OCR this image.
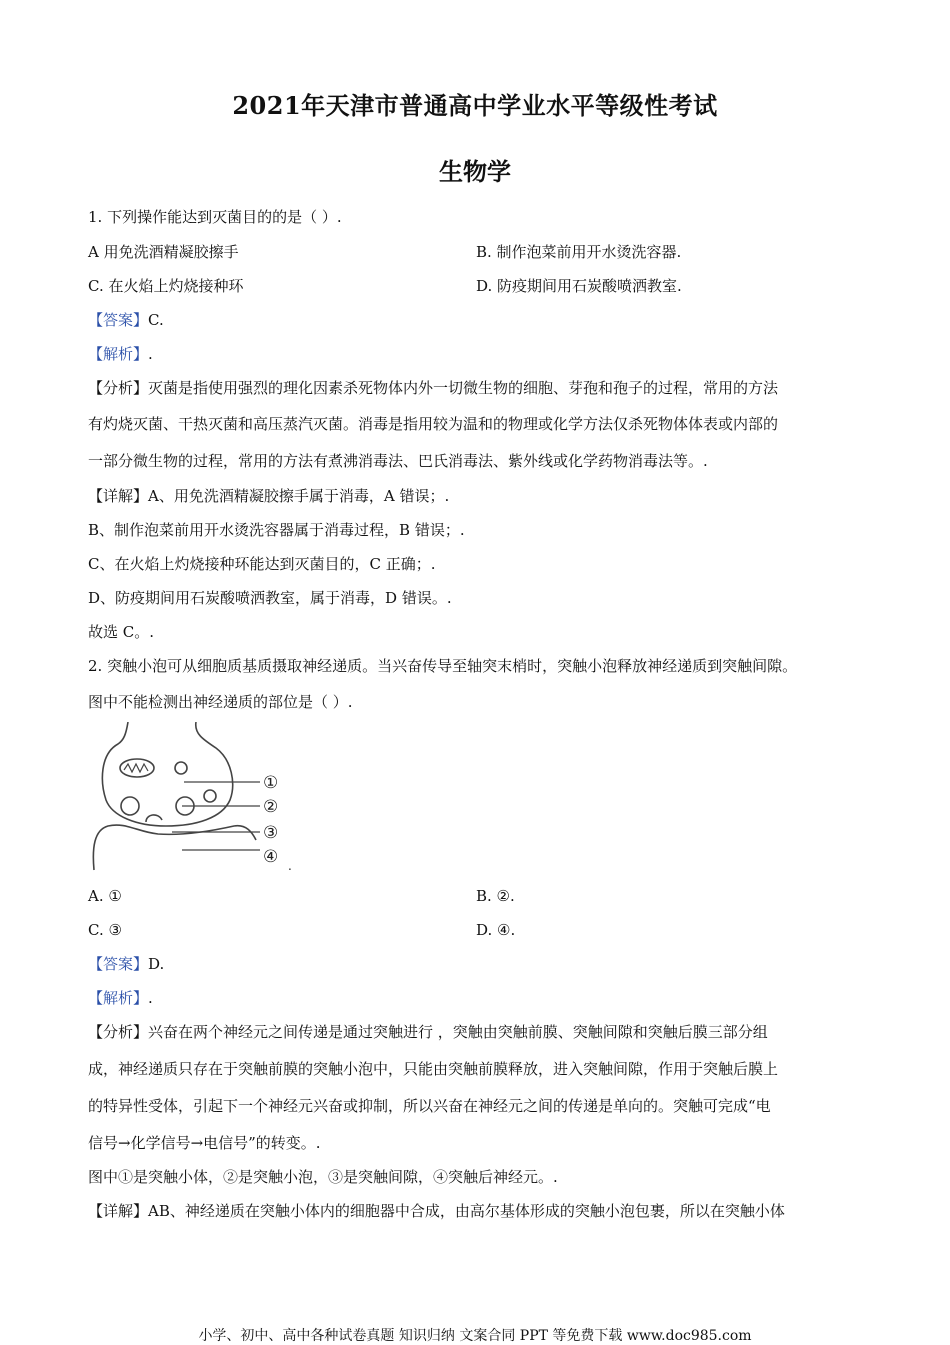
2021年天津市普通高中学业水平等级性考试
生物学
1. 下列操作能达到灭菌目的的是（ ）.
A 用免洗酒精凝胶擦手	B. 制作泡菜前用开水烫洗容器.
C. 在火焰上灼烧接种环	D. 防疫期间用石炭酸喷洒教室.
【答案】C.
【解析】.
【分析】灭菌是指使用强烈的理化因素杀死物体内外一切微生物的细胞、芽孢和孢子的过程，常用的方法
有灼烧灭菌、干热灭菌和高压蒸汽灭菌。消毒是指用较为温和的物理或化学方法仅杀死物体体表或内部的
一部分微生物的过程，常用的方法有煮沸消毒法、巴氏消毒法、紫外线或化学药物消毒法等。.
【详解】A、用免洗酒精凝胶擦手属于消毒，A 错误；.
B、制作泡菜前用开水烫洗容器属于消毒过程，B 错误；.
C、在火焰上灼烧接种环能达到灭菌目的，C 正确；.
D、防疫期间用石炭酸喷洒教室，属于消毒，D 错误。.
故选 C。.
2. 突触小泡可从细胞质基质摄取神经递质。当兴奋传导至轴突末梢时，突触小泡释放神经递质到突触间隙。
图中不能检测出神经递质的部位是（ ）.
①
②
③
④ .
A. ①	B. ②.
C. ③	D. ④.
【答案】D.
【解析】.
【分析】兴奋在两个神经元之间传递是通过突触进行 ，突触由突触前膜、突触间隙和突触后膜三部分组
成，神经递质只存在于突触前膜的突触小泡中，只能由突触前膜释放，进入突触间隙，作用于突触后膜上
的特异性受体，引起下一个神经元兴奋或抑制，所以兴奋在神经元之间的传递是单向的。突触可完成“电
信号→化学信号→电信号”的转变。.
图中①是突触小体，②是突触小泡，③是突触间隙，④突触后神经元。.
【详解】AB、神经递质在突触小体内的细胞器中合成，由高尔基体形成的突触小泡包裹，所以在突触小体
小学、初中、高中各种试卷真题 知识归纳 文案合同 PPT 等免费下载 www.doc985.com
